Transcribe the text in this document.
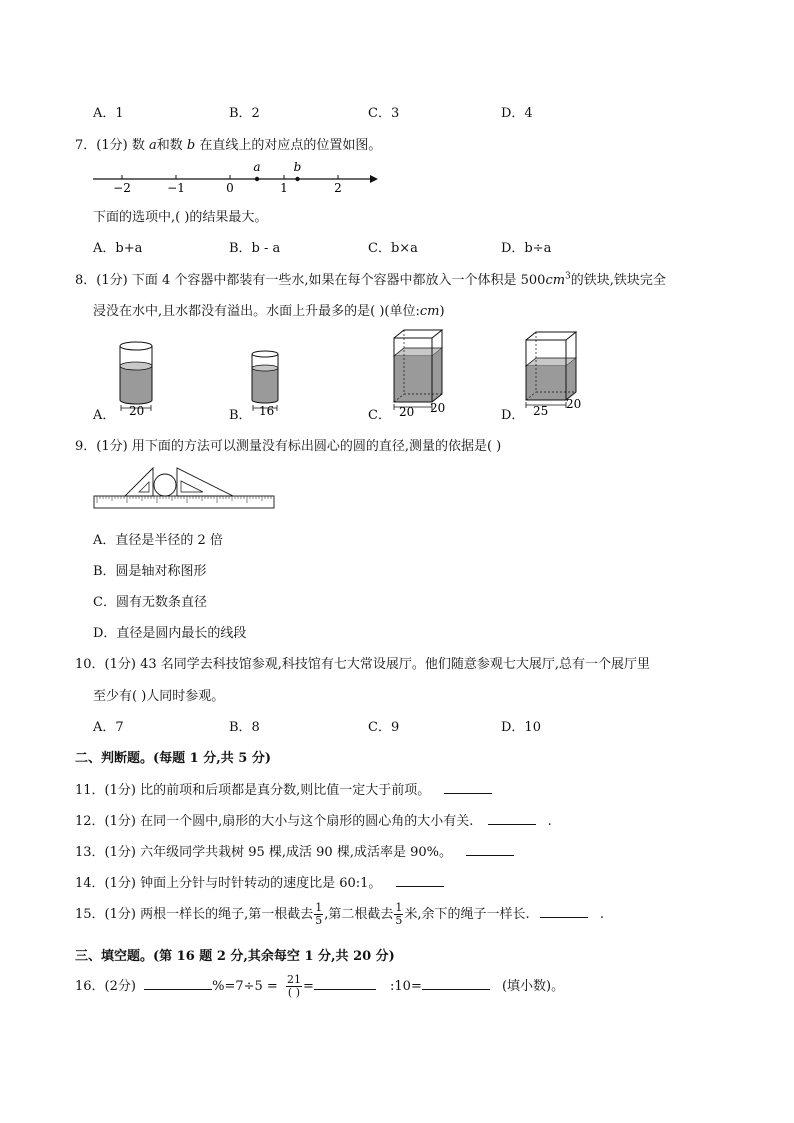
A．1	B．2	C．3	D．4
7．(1分) 数 a和数 b 在直线上的对应点的位置如图。
−2	−1	0	1	2
a	b
下面的选项中,( )的结果最大。
A．b+a	B．b - a	C．b×a	D．b÷a
8．(1分) 下面 4 个容器中都装有一些水,如果在每个容器中都放入一个体积是 $500cm^3$的铁块,铁块完全
浸没在水中,且水都没有溢出。水面上升最多的是( )(单位:cm)
A． 20	B． 16	C． 20 20	D． 25 20
9．(1分) 用下面的方法可以测量没有标出圆心的圆的直径,测量的依据是( )
A．直径是半径的 2 倍
B．圆是轴对称图形
C．圆有无数条直径
D．直径是圆内最长的线段
10．(1分) 43 名同学去科技馆参观,科技馆有七大常设展厅。他们随意参观七大展厅,总有一个展厅里
至少有( )人同时参观。
A．7	B．8	C．9	D．10
二、判断题。(每题 1 分,共 5 分)
11．(1分) 比的前项和后项都是真分数,则比值一定大于前项。
12．(1分) 在同一个圆中,扇形的大小与这个扇形的圆心角的大小有关.	.
13．(1分) 六年级同学共栽树 95 棵,成活 90 棵,成活率是 90%。
14．(1分) 钟面上分针与时针转动的速度比是 60:1。
15．(1分) 两根一样长的绳子,第一根截去 $\frac{1}{5}$ ,第二根截去 $\frac{1}{5}$ 米,余下的绳子一样长.	.
三、填空题。(第 16 题 2 分,其余每空 1 分,共 20 分)
16．(2分)	$\%=7\div 5 = \frac{21}{( )}$ =	:10=	(填小数)。
